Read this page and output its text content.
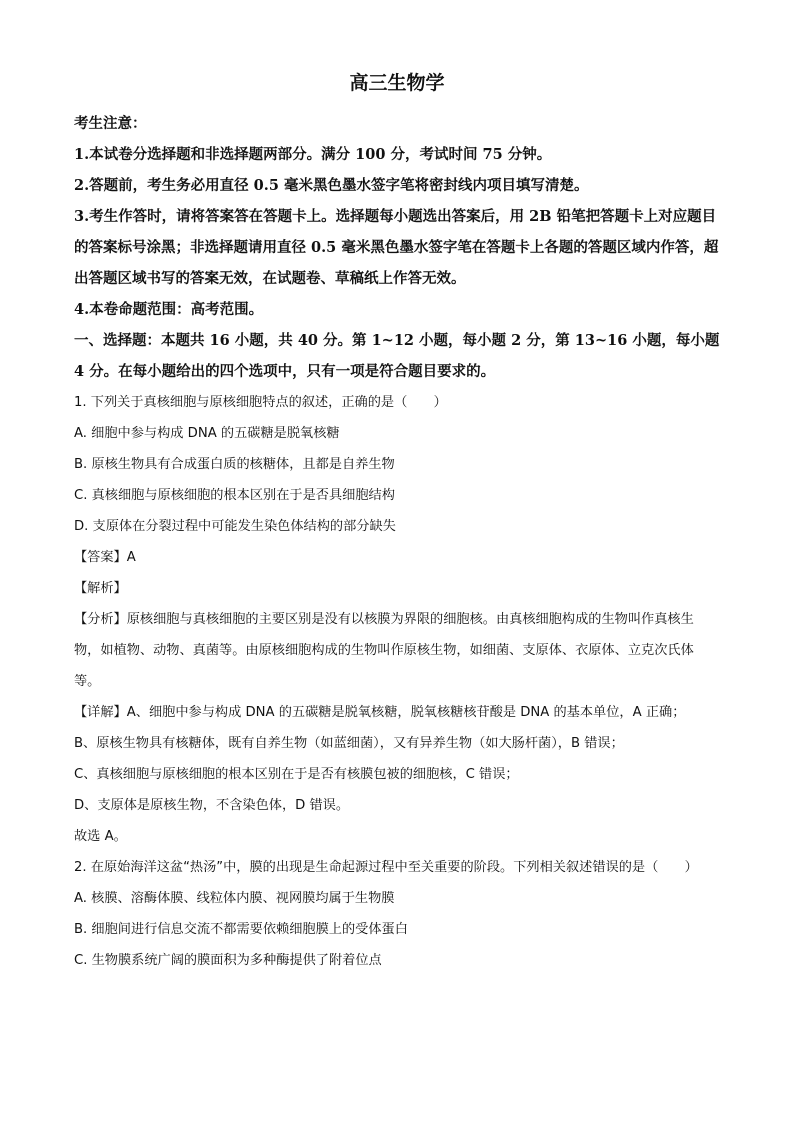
高三生物学

考生注意：

1.本试卷分选择题和非选择题两部分。满分 100 分，考试时间 75 分钟。

2.答题前，考生务必用直径 0.5 毫米黑色墨水签字笔将密封线内项目填写清楚。

3.考生作答时，请将答案答在答题卡上。选择题每小题选出答案后，用 2B 铅笔把答题卡上对应题目的答案标号涂黑；非选择题请用直径 0.5 毫米黑色墨水签字笔在答题卡上各题的答题区域内作答，超出答题区域书写的答案无效，在试题卷、草稿纸上作答无效。

4.本卷命题范围：高考范围。

一、选择题：本题共 16 小题，共 40 分。第 1~12 小题，每小题 2 分，第 13~16 小题，每小题 4 分。在每小题给出的四个选项中，只有一项是符合题目要求的。

1. 下列关于真核细胞与原核细胞特点的叙述，正确的是（　　）

A. 细胞中参与构成 DNA 的五碳糖是脱氧核糖

B. 原核生物具有合成蛋白质的核糖体，且都是自养生物

C. 真核细胞与原核细胞的根本区别在于是否具细胞结构

D. 支原体在分裂过程中可能发生染色体结构的部分缺失

【答案】A

【解析】

【分析】原核细胞与真核细胞的主要区别是没有以核膜为界限的细胞核。由真核细胞构成的生物叫作真核生物，如植物、动物、真菌等。由原核细胞构成的生物叫作原核生物，如细菌、支原体、衣原体、立克次氏体等。

【详解】A、细胞中参与构成 DNA 的五碳糖是脱氧核糖，脱氧核糖核苷酸是 DNA 的基本单位，A 正确；

B、原核生物具有核糖体，既有自养生物（如蓝细菌），又有异养生物（如大肠杆菌），B 错误；

C、真核细胞与原核细胞的根本区别在于是否有核膜包被的细胞核，C 错误；

D、支原体是原核生物，不含染色体，D 错误。

故选 A。

2. 在原始海洋这盆“热汤”中，膜的出现是生命起源过程中至关重要的阶段。下列相关叙述错误的是（　　）

A. 核膜、溶酶体膜、线粒体内膜、视网膜均属于生物膜

B. 细胞间进行信息交流不都需要依赖细胞膜上的受体蛋白

C. 生物膜系统广阔的膜面积为多种酶提供了附着位点
